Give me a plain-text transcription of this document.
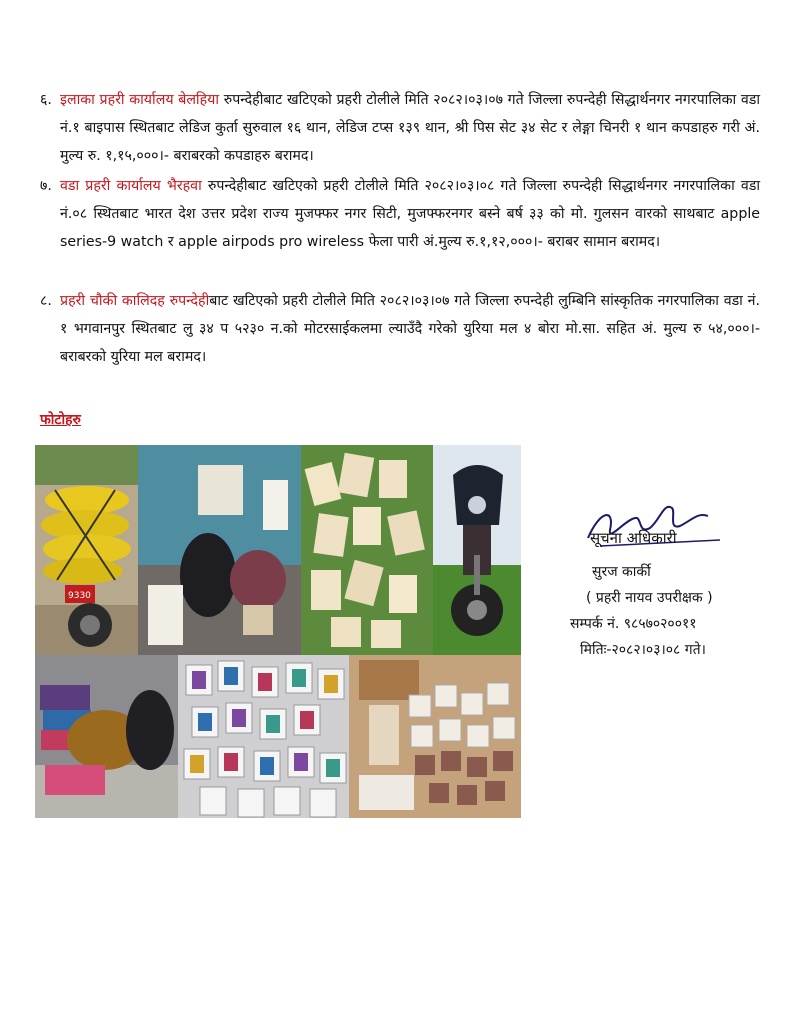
६. इलाका प्रहरी कार्यालय बेलहिया रुपन्देहीबाट खटिएको प्रहरी टोलीले मिति २०८२।०३।०७ गते जिल्ला रुपन्देही सिद्धार्थनगर नगरपालिका वडा नं.१ बाइपास स्थितबाट लेडिज कुर्ता सुरुवाल १६ थान, लेडिज टप्स १३९ थान, श्री पिस सेट ३४ सेट र लेङ्गा चिनरी १ थान कपडाहरु गरी अं. मुल्य रु. १,१५,०००।- बराबरको कपडाहरु बरामद।
७. वडा प्रहरी कार्यालय भैरहवा रुपन्देहीबाट खटिएको प्रहरी टोलीले मिति २०८२।०३।०८ गते जिल्ला रुपन्देही सिद्धार्थनगर नगरपालिका वडा नं.०८ स्थितबाट भारत देश उत्तर प्रदेश राज्य मुजफ्फर नगर सिटी, मुजफ्फरनगर बस्ने बर्ष ३३ को मो. गुलसन वारको साथबाट apple series-9 watch र apple airpods pro wireless फेला पारी अं.मुल्य रु.१,१२,०००।- बराबर सामान बरामद।
८. प्रहरी चौकी कालिदह रुपन्देहीबाट खटिएको प्रहरी टोलीले मिति २०८२।०३।०७ गते जिल्ला रुपन्देही लुम्बिनि सांस्कृतिक नगरपालिका वडा नं. १ भगवानपुर स्थितबाट लु ३४ प ५२३० न.को मोटरसाईकलमा ल्याउँदै गरेको युरिया मल ४ बोरा मो.सा. सहित अं. मुल्य रु ५४,०००।- बराबरको युरिया मल बरामद।
फोटोहरु
9330
सूचना अधिकारी
सुरज कार्की
( प्रहरी नायव उपरीक्षक )
सम्पर्क नं. ९८५७०२००११
मितिः-२०८२।०३।०८ गते।
